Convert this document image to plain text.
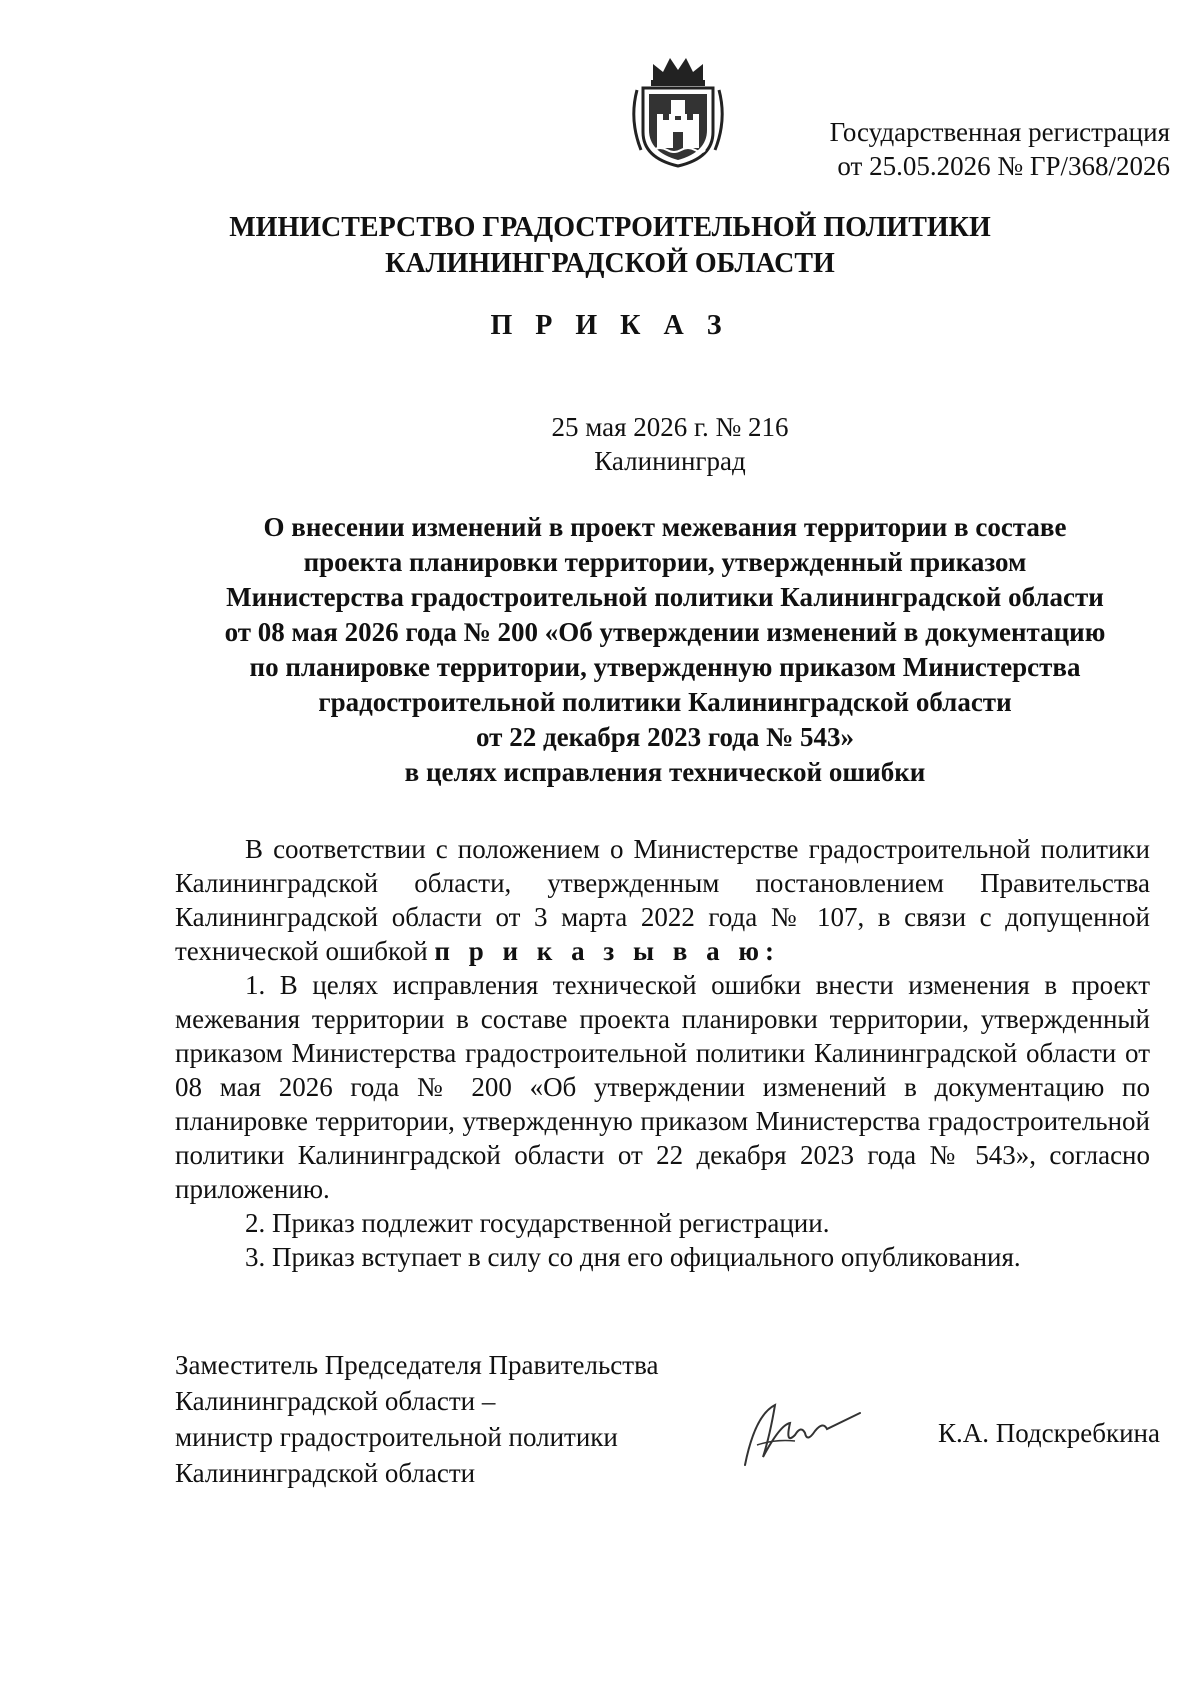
Государственная регистрация
от 25.05.2026 № ГР/368/2026
МИНИСТЕРСТВО ГРАДОСТРОИТЕЛЬНОЙ ПОЛИТИКИ
КАЛИНИНГРАДСКОЙ ОБЛАСТИ
П Р И К А З
25 мая 2026 г. № 216
Калининград
О внесении изменений в проект межевания территории в составе
проекта планировки территории, утвержденный приказом
Министерства градостроительной политики Калининградской области
от 08 мая 2026 года № 200 «Об утверждении изменений в документацию
по планировке территории, утвержденную приказом Министерства
градостроительной политики Калининградской области
от 22 декабря 2023 года № 543»
в целях исправления технической ошибки

В соответствии с положением о Министерстве градостроительной политики Калининградской области, утвержденным постановлением Правительства Калининградской области от 3 марта 2022 года № 107, в связи с допущенной технической ошибкой п р и к а з ы в а ю:

1. В целях исправления технической ошибки внести изменения в проект межевания территории в составе проекта планировки территории, утвержденный приказом Министерства градостроительной политики Калининградской области от 08 мая 2026 года № 200 «Об утверждении изменений в документацию по планировке территории, утвержденную приказом Министерства градостроительной политики Калининградской области от 22 декабря 2023 года № 543», согласно приложению.

2. Приказ подлежит государственной регистрации.

3. Приказ вступает в силу со дня его официального опубликования.

Заместитель Председателя Правительства
Калининградской области –
министр градостроительной политики
Калининградской области
К.А. Подскребкина
